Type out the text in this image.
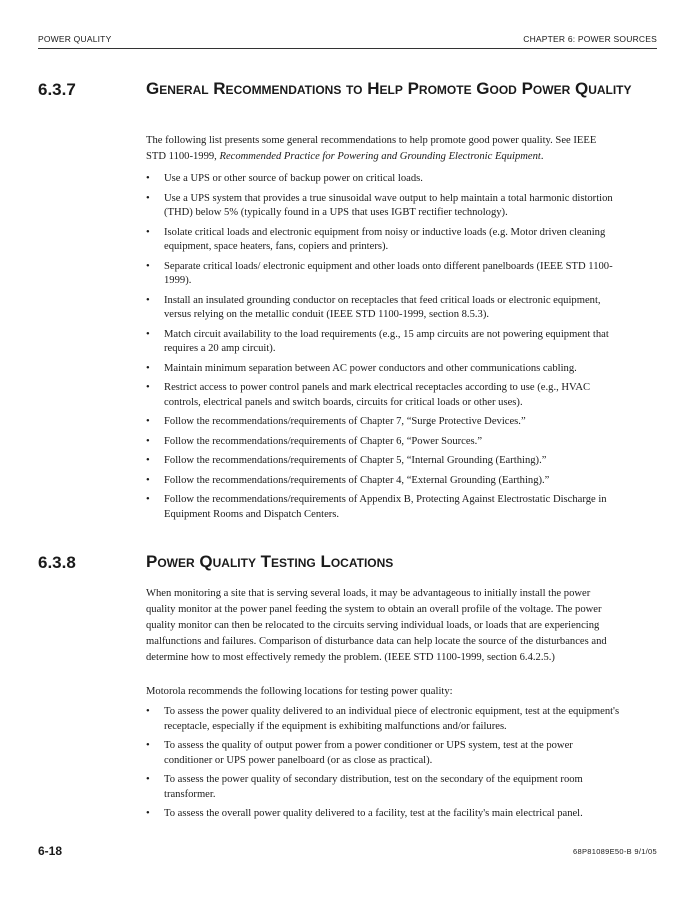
POWER QUALITY	CHAPTER 6: POWER SOURCES
6.3.7	General Recommendations to Help Promote Good Power Quality

The following list presents some general recommendations to help promote good power quality. See IEEE STD 1100-1999, Recommended Practice for Powering and Grounding Electronic Equipment.

• Use a UPS or other source of backup power on critical loads.
• Use a UPS system that provides a true sinusoidal wave output to help maintain a total harmonic distortion (THD) below 5% (typically found in a UPS that uses IGBT rectifier technology).
• Isolate critical loads and electronic equipment from noisy or inductive loads (e.g. Motor driven cleaning equipment, space heaters, fans, copiers and printers).
• Separate critical loads/ electronic equipment and other loads onto different panelboards (IEEE STD 1100-1999).
• Install an insulated grounding conductor on receptacles that feed critical loads or electronic equipment, versus relying on the metallic conduit (IEEE STD 1100-1999, section 8.5.3).
• Match circuit availability to the load requirements (e.g., 15 amp circuits are not powering equipment that requires a 20 amp circuit).
• Maintain minimum separation between AC power conductors and other communications cabling.
• Restrict access to power control panels and mark electrical receptacles according to use (e.g., HVAC controls, electrical panels and switch boards, circuits for critical loads or other uses).
• Follow the recommendations/requirements of Chapter 7, “Surge Protective Devices.”
• Follow the recommendations/requirements of Chapter 6, “Power Sources.”
• Follow the recommendations/requirements of Chapter 5, “Internal Grounding (Earthing).”
• Follow the recommendations/requirements of Chapter 4, “External Grounding (Earthing).”
• Follow the recommendations/requirements of Appendix B, Protecting Against Electrostatic Discharge in Equipment Rooms and Dispatch Centers.
6.3.8	Power Quality Testing Locations

When monitoring a site that is serving several loads, it may be advantageous to initially install the power quality monitor at the power panel feeding the system to obtain an overall profile of the voltage. The power quality monitor can then be relocated to the circuits serving individual loads, or loads that are experiencing malfunctions and failures. Comparison of disturbance data can help locate the source of the disturbances and determine how to most effectively remedy the problem. (IEEE STD 1100-1999, section 6.4.2.5.)

Motorola recommends the following locations for testing power quality:

• To assess the power quality delivered to an individual piece of electronic equipment, test at the equipment's receptacle, especially if the equipment is exhibiting malfunctions and/or failures.
• To assess the quality of output power from a power conditioner or UPS system, test at the power conditioner or UPS power panelboard (or as close as practical).
• To assess the power quality of secondary distribution, test on the secondary of the equipment room transformer.
• To assess the overall power quality delivered to a facility, test at the facility's main electrical panel.
6-18	68P81089E50-B 9/1/05
